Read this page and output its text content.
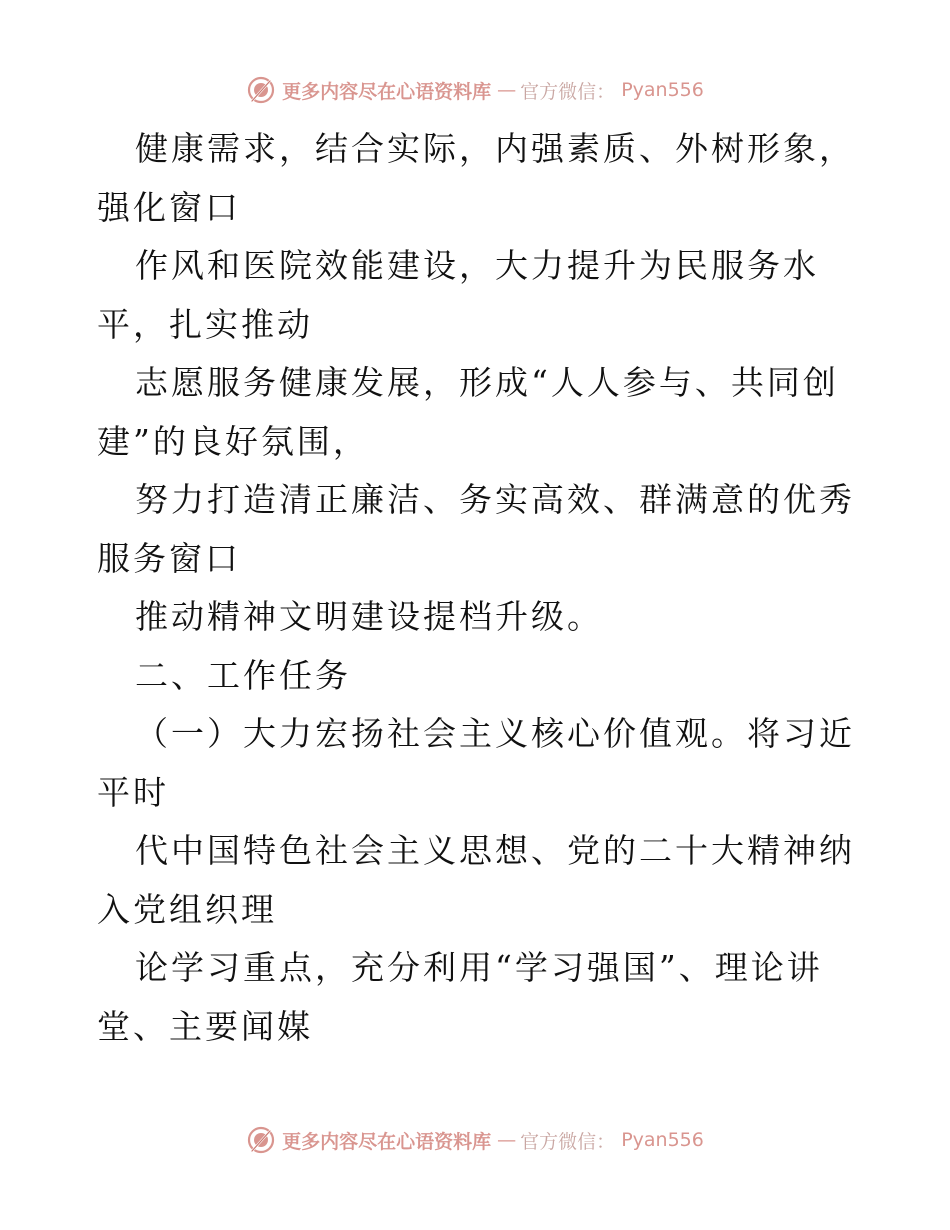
更多内容尽在心语资料库 — 官方微信： Pyan556

健康需求，结合实际，内强素质、外树形象，强化窗口

作风和医院效能建设，大力提升为民服务水平，扎实推动

志愿服务健康发展，形成“人人参与、共同创建”的良好氛围，

努力打造清正廉洁、务实高效、群满意的优秀服务窗口

推动精神文明建设提档升级。

二、工作任务

（一）大力宏扬社会主义核心价值观。将习近平时

代中国特色社会主义思想、党的二十大精神纳入党组织理

论学习重点，充分利用“学习强国”、理论讲堂、主要闻媒

更多内容尽在心语资料库 — 官方微信： Pyan556
